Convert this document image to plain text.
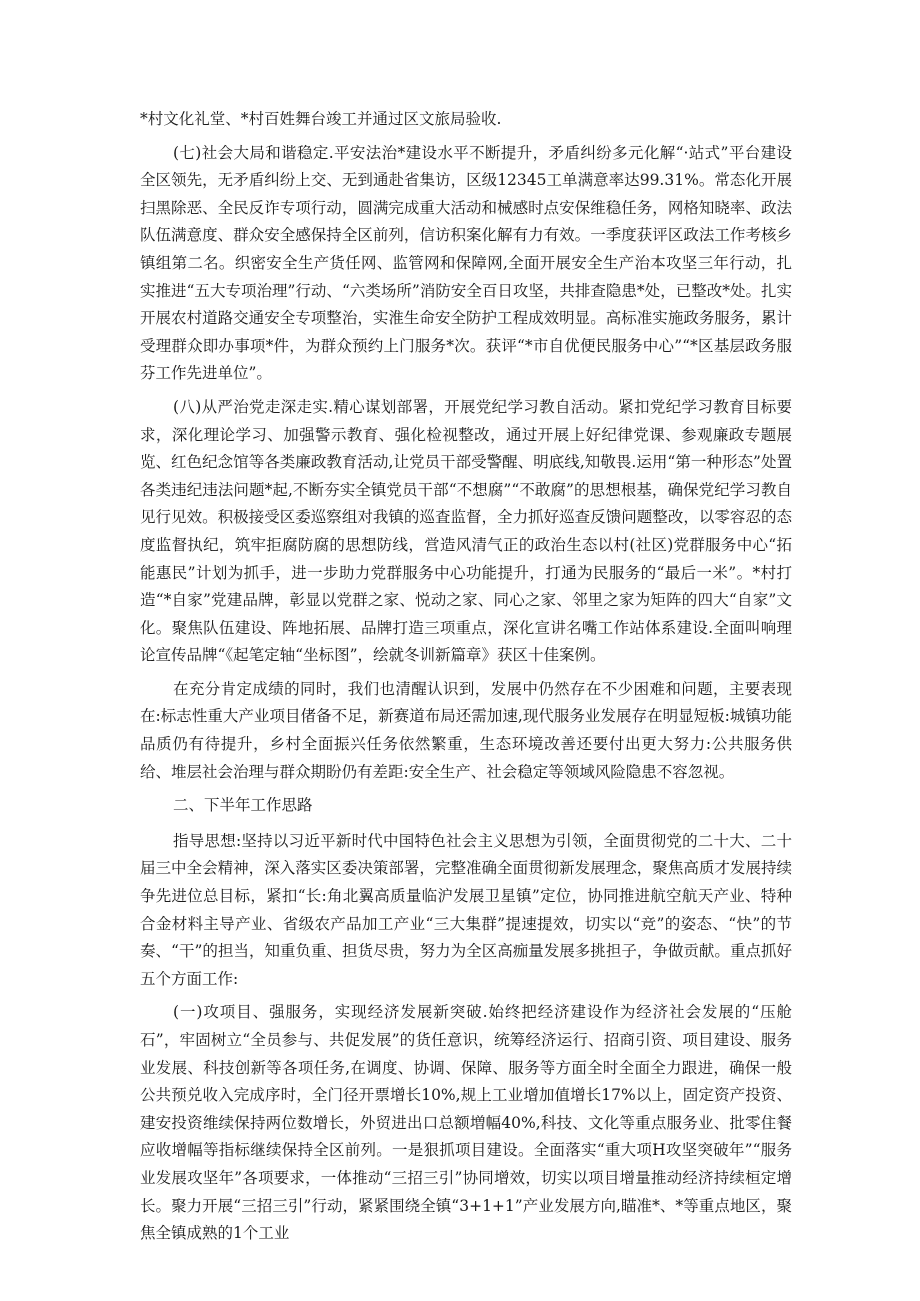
*村文化礼堂、*村百姓舞台竣工并通过区文旅局验收.

(七)社会大局和谐稳定.平安法治*建设水平不断提升，矛盾纠纷多元化解“·站式”平台建设全区领先，无矛盾纠纷上交、无到通赴省集访，区级12345工单满意率达99.31%。常态化开展扫黑除恶、全民反诈专项行动，圆满完成重大活动和械感时点安保维稳任务，网格知晓率、政法队伍满意度、群众安全感保持全区前列，信访积案化解有力有效。一季度获评区政法工作考核乡镇组第二名。织密安全生产货任网、监管网和保障网,全面开展安全生产治本攻坚三年行动，扎实推进“五大专项治理”行动、“六类场所”消防安全百日攻坚，共排查隐患*处，已整改*处。扎实开展农村道路交通安全专项整治，实淮生命安全防护工程成效明显。高标准实施政务服务，累计受理群众即办事项*件，为群众预约上门服务*次。获评“*市自优便民服务中心”“*区基层政务服芬工作先进单位”。

(八)从严治党走深走实.精心谋划部署，开展党纪学习教自活动。紧扣党纪学习教育目标要求，深化理论学习、加强警示教育、强化检视整改，通过开展上好纪律党课、参观廉政专题展览、红色纪念馆等各类廉政教育活动,让党员干部受警醒、明底线,知敬畏.运用“第一种形态”处置各类违纪违法问题*起,不断夯实全镇党员干部“不想腐”“不敢腐”的思想根基，确保党纪学习教自见行见效。积极接受区委巡察组对我镇的巡査监督，全力抓好巡查反馈问题整改，以零容忍的态度监督执纪，筑牢拒腐防腐的思想防线，営造风清气正的政治生态以村(社区)党群服务中心“拓能惠民”计划为抓手，进一步助力党群服务中心功能提升，打通为民服务的“最后一米”。*村打造“*自家”党建品牌，彰显以党群之家、悦动之家、同心之家、邻里之家为矩阵的四大“自家”文化。聚焦队伍建设、阵地拓展、品牌打造三项重点，深化宣讲名嘴工作站体系建设.全面叫响理论宣传品牌“《起笔定轴“坐标图”，绘就冬训新篇章》获区十佳案例。

在充分肯定成绩的同时，我们也清醒认识到，发展中仍然存在不少困难和问题，主要表现在:标志性重大产业项目偖备不足，新赛道布局还需加速,现代服务业发展存在明显短板:城镇功能品质仍有待提升，乡村全面振兴任务依然繁重，生态环境改善还要付出更大努力:公共服务供给、堆层社会治理与群众期盼仍有差距:安全生产、社会稳定等领域风险隐患不容忽视。

二、下半年工作思路

指导思想:坚持以习近平新时代中国特色社会主义思想为引领，全面贯彻党的二十大、二十届三中全会精神，深入落实区委决策部署，完整准确全面贯彻新发展理念，聚焦高质才发展持续争先进位总目标，紧扣“长:角北翼高质量临沪发展卫星镇”定位，协同推进航空航天产业、特种合金材料主导产业、省级农产品加工产业“三大集群”提速提效，切实以“竞”的姿态、“快”的节奏、“干”的担当，知重负重、担货尽贵，努力为全区高痂量发展多挑担子，争做贡献。重点抓好五个方面工作:

(一)攻项目、强服务，实现经济发展新突破.始终把经济建设作为经济社会发展的“压舱石”，牢固树立“全员参与、共促发展”的货任意识，统筹经济运行、招商引资、项目建设、服务业发展、科技创新等各项任务,在调度、协调、保障、服务等方面全时全面全力跟进，确保一般公共预兑收入完成序时，全门径开票增长10%,规上工业增加值增长17%以上，固定资产投资、建安投资维续保持两位数增长，外贸进出口总额増幅40%,科技、文化等重点服务业、批零住餐应收增幅等指标继续保持全区前列。一是狠抓项目建设。全面落实“重大项H攻坚突破年”“服务业发展攻坚年”各项要求，一体推动“三招三引”协同增效，切实以项目增量推动经济持续桓定增长。聚力开展“三招三引”行动，紧紧围绕全镇“3+1+1”产业发展方向,瞄准*、*等重点地区，聚焦全镇成熟的1个工业
